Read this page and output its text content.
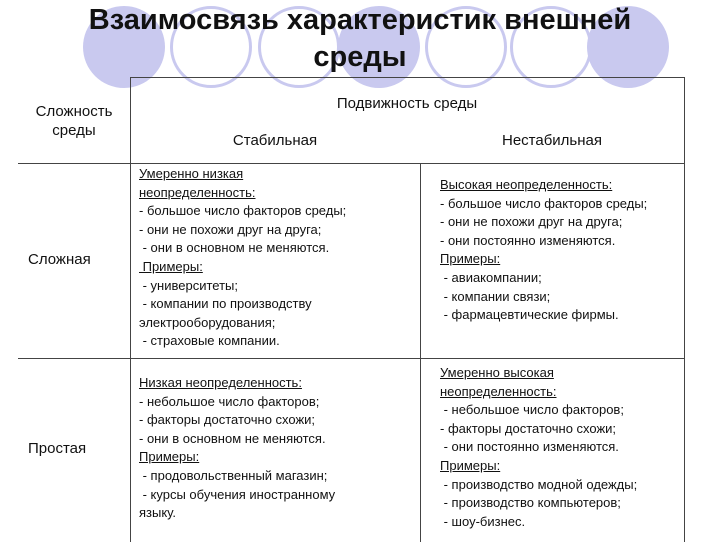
Взаимосвязь характеристик внешней
среды
Сложность
среды
Подвижность среды
Стабильная	Нестабильная
Сложная
Простая
Умеренно низкая
неопределенность:
- большое число факторов среды;
- они не похожи друг на друга;
- они в основном не меняются.
Примеры:
- университеты;
- компании по производству
электрооборудования;
- страховые компании.
Высокая неопределенность:
- большое число факторов среды;
- они не похожи друг на друга;
- они постоянно изменяются.
Примеры:
- авиакомпании;
- компании связи;
- фармацевтические фирмы.
Низкая неопределенность:
- небольшое число факторов;
- факторы достаточно схожи;
- они в основном не меняются.
Примеры:
- продовольственный магазин;
- курсы обучения иностранному
языку.
Умеренно высокая
неопределенность:
- небольшое число факторов;
- факторы достаточно схожи;
- они постоянно изменяются.
Примеры:
- производство модной одежды;
- производство компьютеров;
- шоу-бизнес.
